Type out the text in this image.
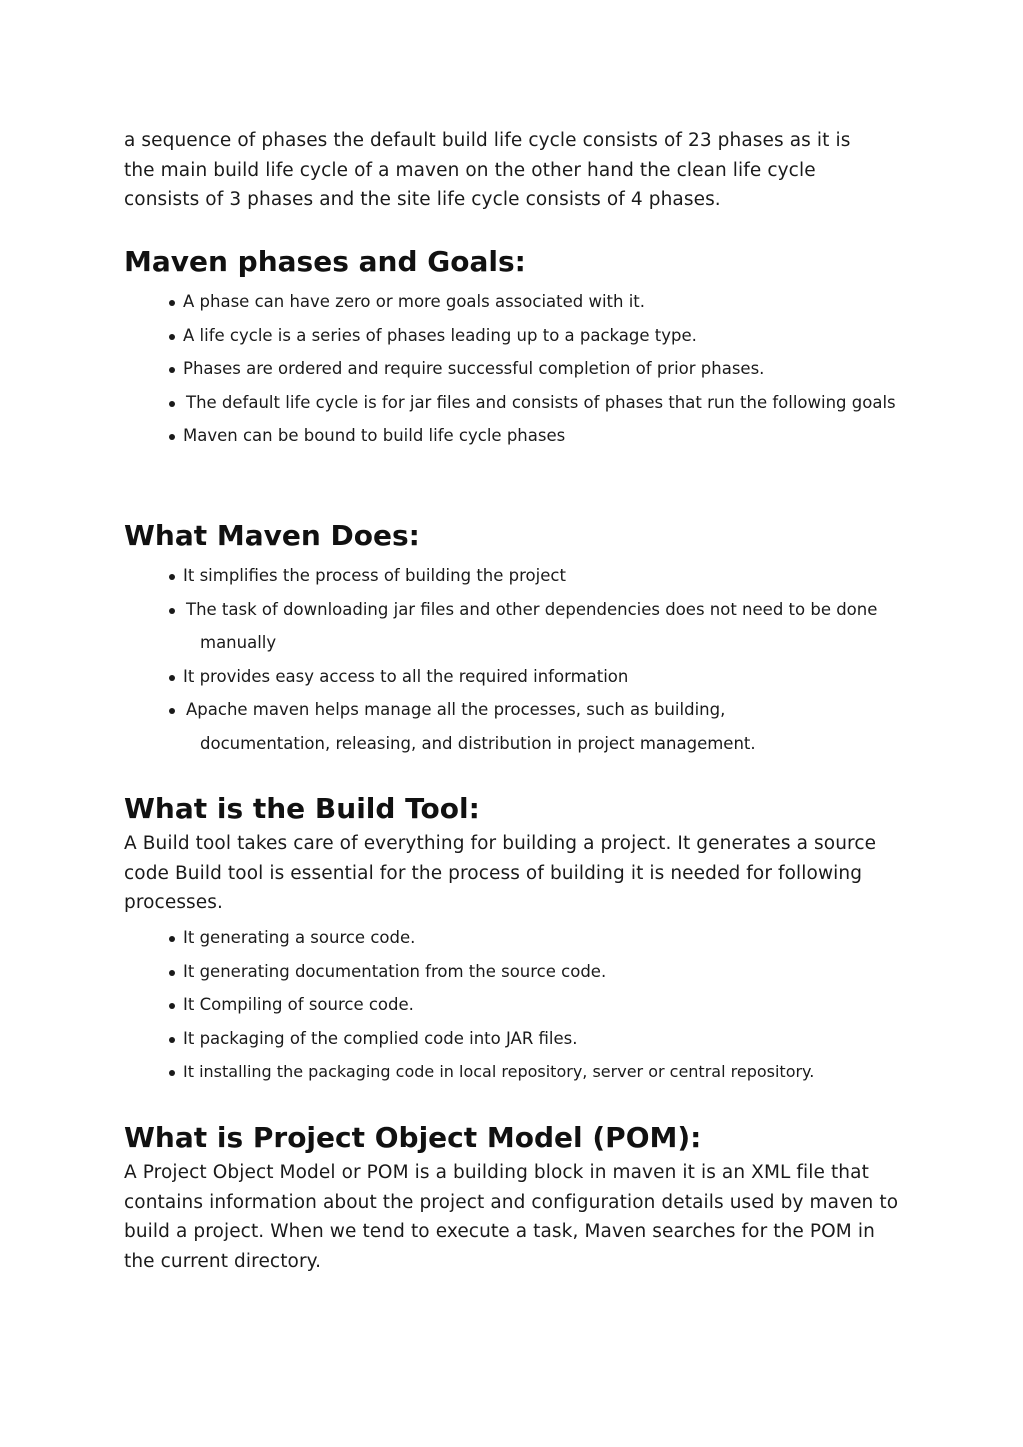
a sequence of phases the default build life cycle consists of 23 phases as it is the main build life cycle of a maven on the other hand the clean life cycle consists of 3 phases and the site life cycle consists of 4 phases.

Maven phases and Goals:
A phase can have zero or more goals associated with it.
A life cycle is a series of phases leading up to a package type.
Phases are ordered and require successful completion of prior phases.
The default life cycle is for jar files and consists of phases that run the following goals
Maven can be bound to build life cycle phases
What Maven Does:
It simplifies the process of building the project
The task of downloading jar files and other dependencies does not need to be done manually
It provides easy access to all the required information
Apache maven helps manage all the processes, such as building, documentation, releasing, and distribution in project management.
What is the Build Tool:

A Build tool takes care of everything for building a project. It generates a source code Build tool is essential for the process of building it is needed for following processes.

It generating a source code.
It generating documentation from the source code.
It Compiling of source code.
It packaging of the complied code into JAR files.
It installing the packaging code in local repository, server or central repository.
What is Project Object Model (POM):

A Project Object Model or POM is a building block in maven it is an XML file that contains information about the project and configuration details used by maven to build a project. When we tend to execute a task, Maven searches for the POM in the current directory.
